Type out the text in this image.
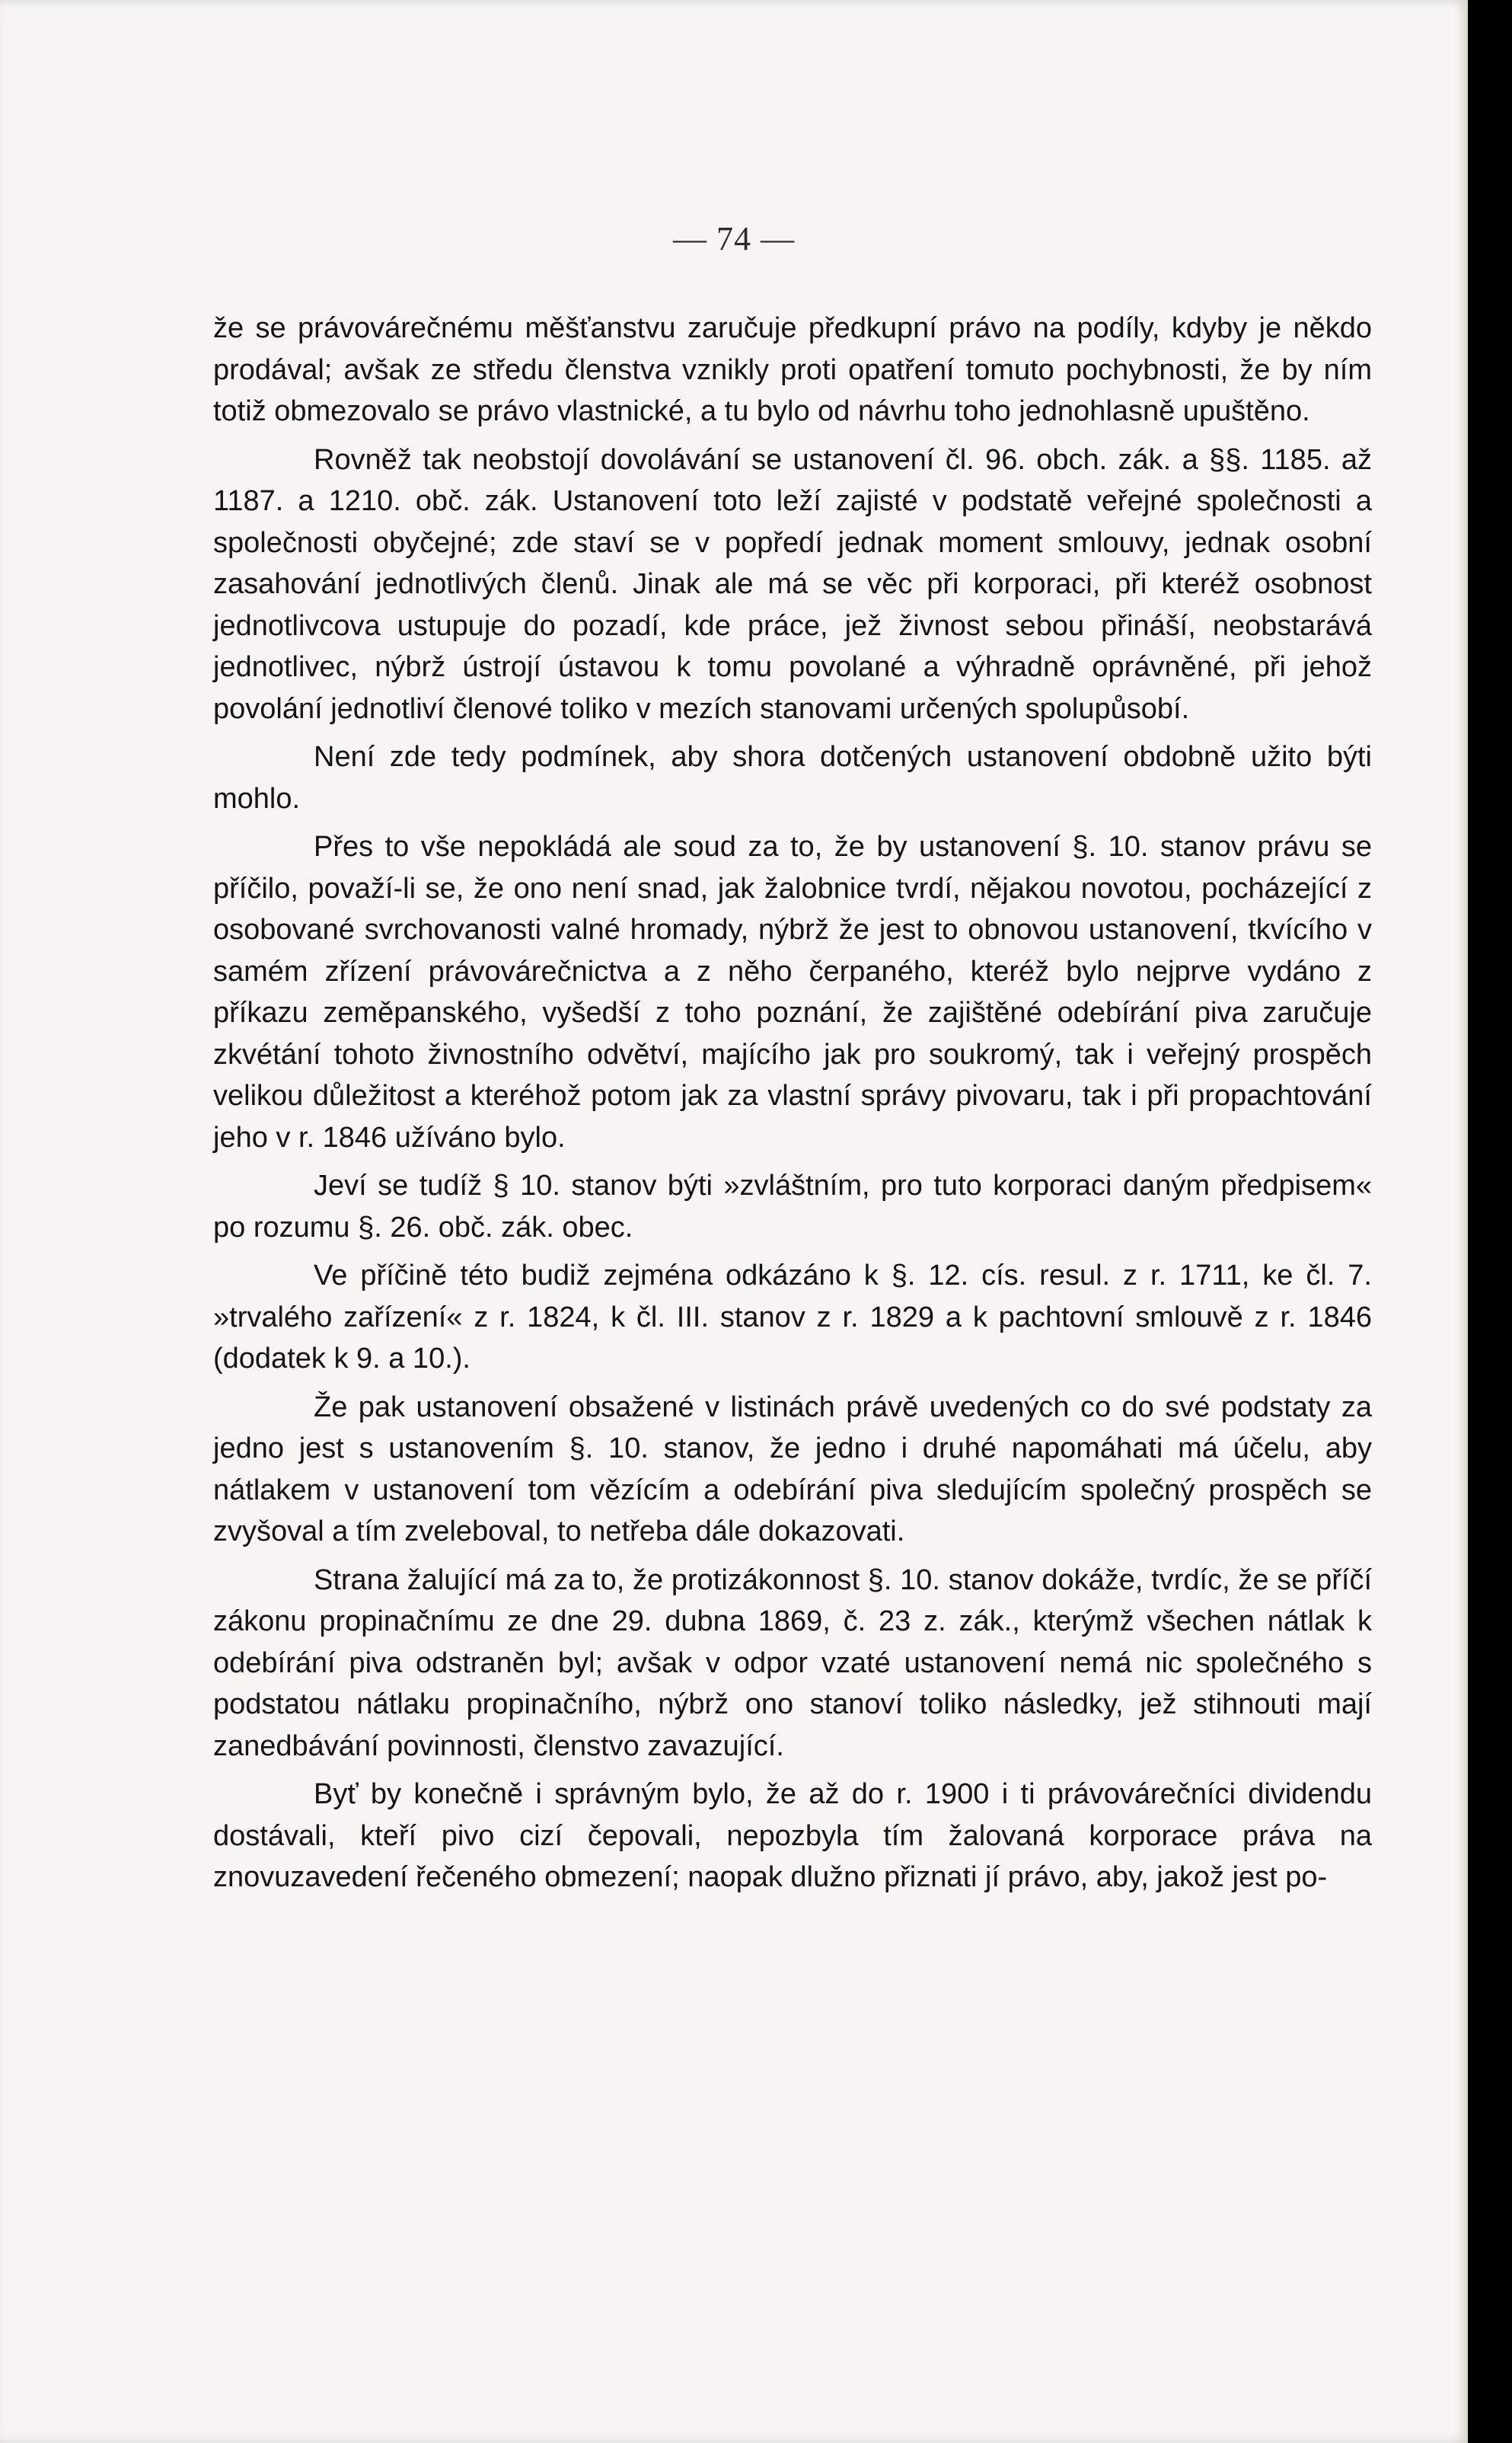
— 74 —

že se právovárečnému měšťanstvu zaručuje předkupní právo na podíly, kdyby je někdo prodával; avšak ze středu členstva vznikly proti opatření tomuto pochybnosti, že by ním totiž obmezovalo se právo vlastnické, a tu bylo od návrhu toho jednohlasně upuštěno.

Rovněž tak neobstojí dovolávání se ustanovení čl. 96. obch. zák. a §§. 1185. až 1187. a 1210. obč. zák. Ustanovení toto leží zajisté v podstatě veřejné společnosti a společnosti obyčejné; zde staví se v popředí jednak moment smlouvy, jednak osobní zasahování jednotlivých členů. Jinak ale má se věc při korporaci, při kteréž osobnost jednotlivcova ustupuje do pozadí, kde práce, jež živnost sebou přináší, neobstarává jednotlivec, nýbrž ústrojí ústavou k tomu povolané a výhradně oprávněné, při jehož povolání jednotliví členové toliko v mezích stanovami určených spolupůsobí.

Není zde tedy podmínek, aby shora dotčených ustanovení obdobně užito býti mohlo.

Přes to vše nepokládá ale soud za to, že by ustanovení §. 10. stanov právu se příčilo, považí-li se, že ono není snad, jak žalobnice tvrdí, nějakou novotou, pocházející z osobované svrchovanosti valné hromady, nýbrž že jest to obnovou ustanovení, tkvícího v samém zřízení právovárečnictva a z něho čerpaného, kteréž bylo nejprve vydáno z příkazu zeměpanského, vyšedší z toho poznání, že zajištěné odebírání piva zaručuje zkvétání tohoto živnostního odvětví, majícího jak pro soukromý, tak i veřejný prospěch velikou důležitost a kteréhož potom jak za vlastní správy pivovaru, tak i při propachtování jeho v r. 1846 užíváno bylo.

Jeví se tudíž § 10. stanov býti »zvláštním, pro tuto korporaci daným předpisem« po rozumu §. 26. obč. zák. obec.

Ve příčině této budiž zejména odkázáno k §. 12. cís. resul. z r. 1711, ke čl. 7. »trvalého zařízení« z r. 1824, k čl. III. stanov z r. 1829 a k pachtovní smlouvě z r. 1846 (dodatek k 9. a 10.).

Že pak ustanovení obsažené v listinách právě uvedených co do své podstaty za jedno jest s ustanovením §. 10. stanov, že jedno i druhé napomáhati má účelu, aby nátlakem v ustanovení tom vězícím a odebírání piva sledujícím společný prospěch se zvyšoval a tím zveleboval, to netřeba dále dokazovati.

Strana žalující má za to, že protizákonnost §. 10. stanov dokáže, tvrdíc, že se příčí zákonu propinačnímu ze dne 29. dubna 1869, č. 23 z. zák., kterýmž všechen nátlak k odebírání piva odstraněn byl; avšak v odpor vzaté ustanovení nemá nic společného s podstatou nátlaku propinačního, nýbrž ono stanoví toliko následky, jež stihnouti mají zanedbávání povinnosti, členstvo zavazující.

Byť by konečně i správným bylo, že až do r. 1900 i ti právovárečníci dividendu dostávali, kteří pivo cizí čepovali, nepozbyla tím žalovaná korporace práva na znovuzavedení řečeného obmezení; naopak dlužno přiznati jí právo, aby, jakož jest po-
